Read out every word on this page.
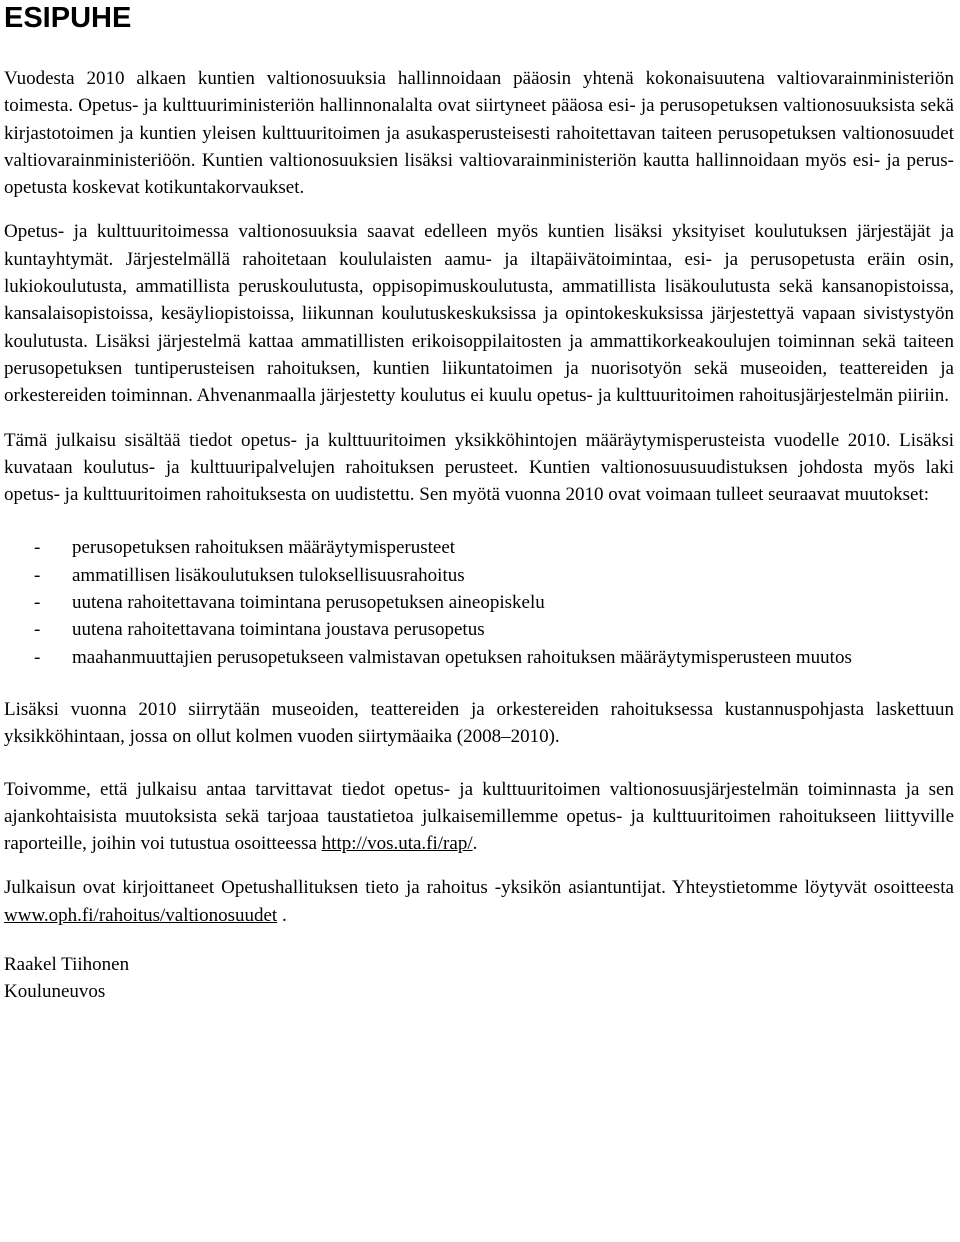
ESIPUHE

Vuodesta 2010 alkaen kuntien valtionosuuksia hallinnoidaan pääosin yhtenä kokonaisuutena valtiovarainministeriön toimesta. Opetus- ja kulttuuriministeriön hallinnonalalta ovat siirtyneet pääosa esi- ja perusopetuksen valtionosuuksista sekä kirjastotoimen ja kuntien yleisen kulttuuritoimen ja asukasperusteisesti rahoitettavan taiteen perusopetuksen valtionosuudet valtiovarainministeriöön. Kuntien valtionosuuksien lisäksi valtiovarainministeriön kautta hallinnoidaan myös esi- ja perusopetusta koskevat kotikuntakorvaukset.

Opetus- ja kulttuuritoimessa valtionosuuksia saavat edelleen myös kuntien lisäksi yksityiset koulutuksen järjestäjät ja kuntayhtymät. Järjestelmällä rahoitetaan koululaisten aamu- ja iltapäivätoimintaa, esi- ja perusopetusta eräin osin, lukiokoulutusta, ammatillista peruskoulutusta, oppisopimuskoulutusta, ammatillista lisäkoulutusta sekä kansanopistoissa, kansalaisopistoissa, kesäyliopistoissa, liikunnan koulutuskeskuksissa ja opintokeskuksissa järjestettyä vapaan sivistystyön koulutusta. Lisäksi järjestelmä kattaa ammatillisten erikoisoppilaitosten ja ammattikorkeakoulujen toiminnan sekä taiteen perusopetuksen tuntiperusteisen rahoituksen, kuntien liikuntatoimen ja nuorisotyön sekä museoiden, teattereiden ja orkestereiden toiminnan. Ahvenanmaalla järjestetty koulutus ei kuulu opetus- ja kulttuuritoimen rahoitusjärjestelmän piiriin.

Tämä julkaisu sisältää tiedot opetus- ja kulttuuritoimen yksikköhintojen määräytymisperusteista vuodelle 2010. Lisäksi kuvataan koulutus- ja kulttuuripalvelujen rahoituksen perusteet. Kuntien valtionosuusuudistuksen johdosta myös laki opetus- ja kulttuuritoimen rahoituksesta on uudistettu. Sen myötä vuonna 2010 ovat voimaan tulleet seuraavat muutokset:

- perusopetuksen rahoituksen määräytymisperusteet
- ammatillisen lisäkoulutuksen tuloksellisuusrahoitus
- uutena rahoitettavana toimintana perusopetuksen aineopiskelu
- uutena rahoitettavana toimintana joustava perusopetus
- maahanmuuttajien perusopetukseen valmistavan opetuksen rahoituksen määräytymisperusteen muutos

Lisäksi vuonna 2010 siirrytään museoiden, teattereiden ja orkestereiden rahoituksessa kustannuspohjasta laskettuun yksikköhintaan, jossa on ollut kolmen vuoden siirtymäaika (2008–2010).

Toivomme, että julkaisu antaa tarvittavat tiedot opetus- ja kulttuuritoimen valtionosuusjärjestelmän toiminnasta ja sen ajankohtaisista muutoksista sekä tarjoaa taustatietoa julkaisemillemme opetus- ja kulttuuritoimen rahoitukseen liittyville raporteille, joihin voi tutustua osoitteessa http://vos.uta.fi/rap/.

Julkaisun ovat kirjoittaneet Opetushallituksen tieto ja rahoitus -yksikön asiantuntijat. Yhteystietomme löytyvät osoitteesta www.oph.fi/rahoitus/valtionosuudet .

Raakel Tiihonen
Kouluneuvos
